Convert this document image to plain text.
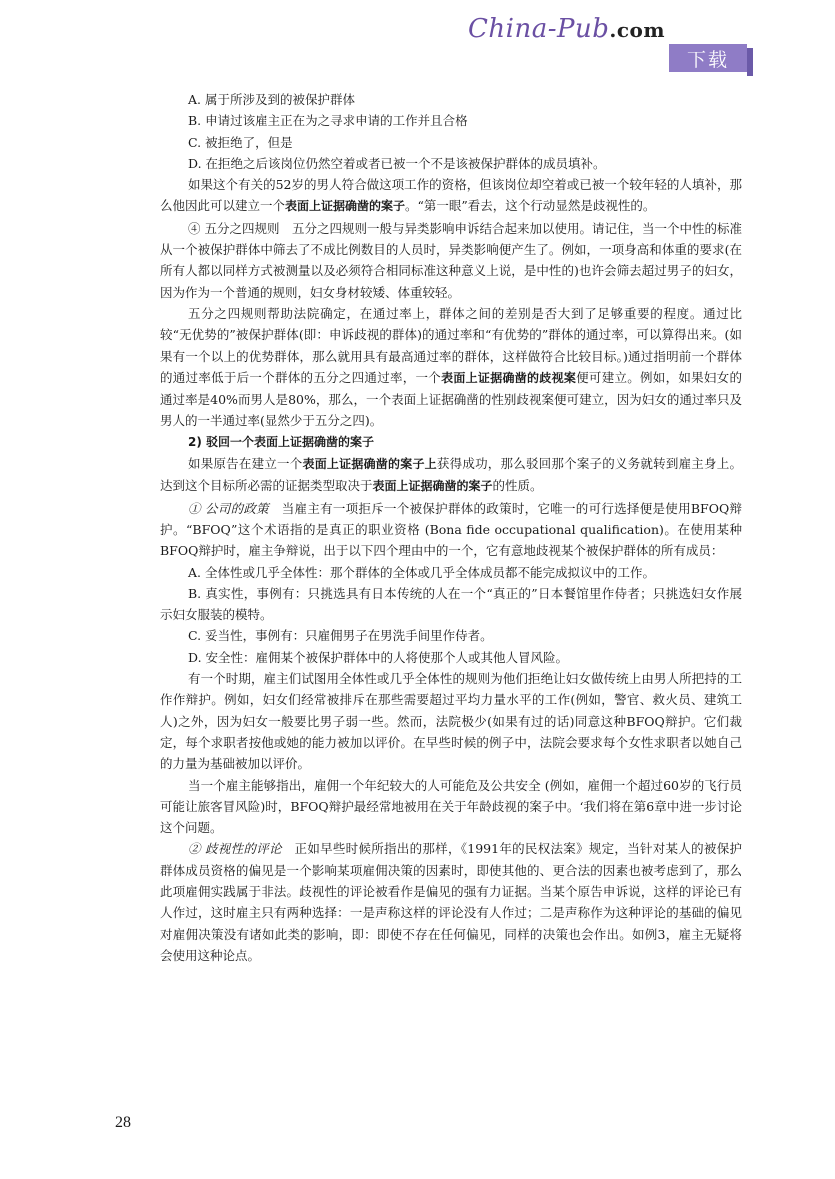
China-Pub.com
下载

A. 属于所涉及到的被保护群体

B. 申请过该雇主正在为之寻求申请的工作并且合格

C. 被拒绝了，但是

D. 在拒绝之后该岗位仍然空着或者已被一个不是该被保护群体的成员填补。

如果这个有关的52岁的男人符合做这项工作的资格，但该岗位却空着或已被一个较年轻的人填补，那么他因此可以建立一个表面上证据确凿的案子。“第一眼”看去，这个行动显然是歧视性的。

④ 五分之四规则　五分之四规则一般与异类影响申诉结合起来加以使用。请记住，当一个中性的标准从一个被保护群体中筛去了不成比例数目的人员时，异类影响便产生了。例如，一项身高和体重的要求(在所有人都以同样方式被测量以及必须符合相同标准这种意义上说，是中性的)也许会筛去超过男子的妇女，因为作为一个普通的规则，妇女身材较矮、体重较轻。

五分之四规则帮助法院确定，在通过率上，群体之间的差别是否大到了足够重要的程度。通过比较“无优势的”被保护群体(即：申诉歧视的群体)的通过率和“有优势的”群体的通过率，可以算得出来。(如果有一个以上的优势群体，那么就用具有最高通过率的群体，这样做符合比较目标。)通过指明前一个群体的通过率低于后一个群体的五分之四通过率，一个表面上证据确凿的歧视案便可建立。例如，如果妇女的通过率是40%而男人是80%，那么，一个表面上证据确凿的性别歧视案便可建立，因为妇女的通过率只及男人的一半通过率(显然少于五分之四)。

2) 驳回一个表面上证据确凿的案子

如果原告在建立一个表面上证据确凿的案子上获得成功，那么驳回那个案子的义务就转到雇主身上。达到这个目标所必需的证据类型取决于表面上证据确凿的案子的性质。

① 公司的政策　当雇主有一项拒斥一个被保护群体的政策时，它唯一的可行选择便是使用BFOQ辩护。“BFOQ”这个术语指的是真正的职业资格 (Bona fide occupational qualification)。在使用某种BFOQ辩护时，雇主争辩说，出于以下四个理由中的一个，它有意地歧视某个被保护群体的所有成员：

A. 全体性或几乎全体性：那个群体的全体或几乎全体成员都不能完成拟议中的工作。

B. 真实性，事例有：只挑选具有日本传统的人在一个“真正的”日本餐馆里作侍者；只挑选妇女作展示妇女服装的模特。

C. 妥当性，事例有：只雇佣男子在男洗手间里作侍者。

D. 安全性：雇佣某个被保护群体中的人将使那个人或其他人冒风险。

有一个时期，雇主们试图用全体性或几乎全体性的规则为他们拒绝让妇女做传统上由男人所把持的工作作辩护。例如，妇女们经常被排斥在那些需要超过平均力量水平的工作(例如，警官、救火员、建筑工人)之外，因为妇女一般要比男子弱一些。然而，法院极少(如果有过的话)同意这种BFOQ辩护。它们裁定，每个求职者按他或她的能力被加以评价。在早些时候的例子中，法院会要求每个女性求职者以她自己的力量为基础被加以评价。

当一个雇主能够指出，雇佣一个年纪较大的人可能危及公共安全 (例如，雇佣一个超过60岁的飞行员可能让旅客冒风险)时，BFOQ辩护最经常地被用在关于年龄歧视的案子中。‘我们将在第6章中进一步讨论这个问题。

② 歧视性的评论　正如早些时候所指出的那样，《1991年的民权法案》规定，当针对某人的被保护群体成员资格的偏见是一个影响某项雇佣决策的因素时，即使其他的、更合法的因素也被考虑到了，那么此项雇佣实践属于非法。歧视性的评论被看作是偏见的强有力证据。当某个原告申诉说，这样的评论已有人作过，这时雇主只有两种选择：一是声称这样的评论没有人作过；二是声称作为这种评论的基础的偏见对雇佣决策没有诸如此类的影响，即：即使不存在任何偏见，同样的决策也会作出。如例3，雇主无疑将会使用这种论点。

28
